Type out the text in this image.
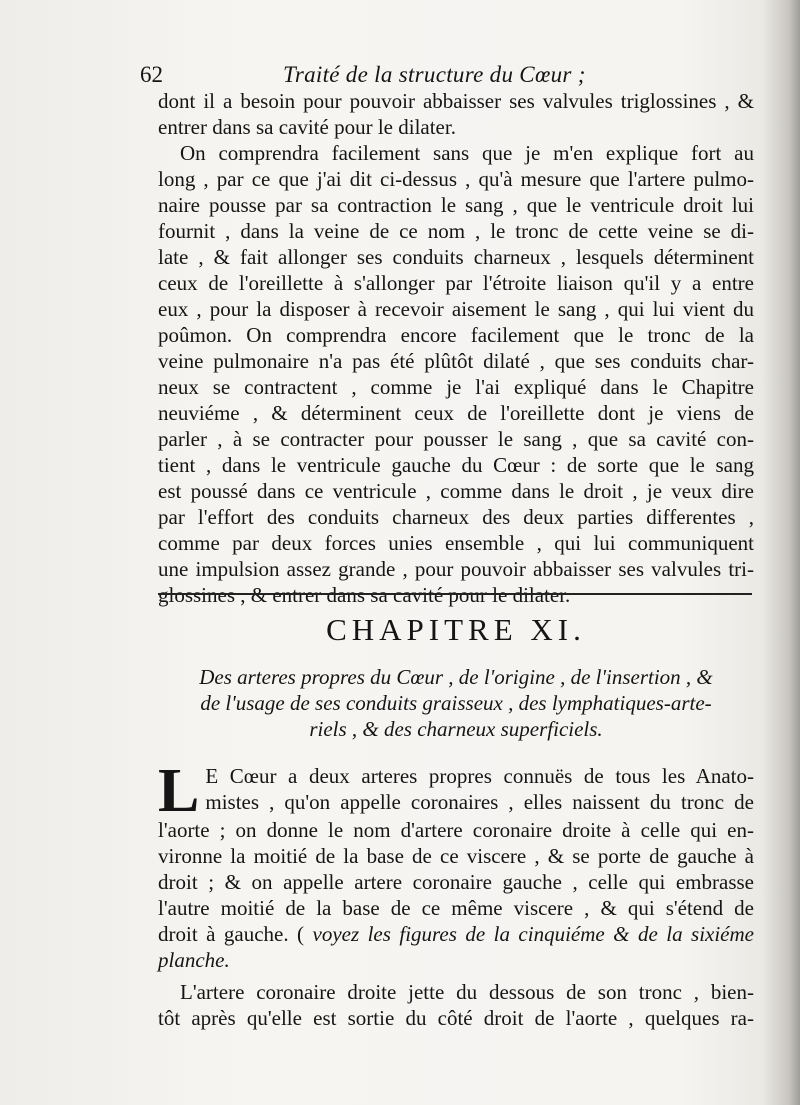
62	Traité de la structure du Cœur ;
dont il a besoin pour pouvoir abbaisser ses valvules triglossines , &
entrer dans sa cavité pour le dilater.
On comprendra facilement sans que je m'en explique fort au
long , par ce que j'ai dit ci-dessus , qu'à mesure que l'artere pulmo-
naire pousse par sa contraction le sang , que le ventricule droit lui
fournit , dans la veine de ce nom , le tronc de cette veine se di-
late , & fait allonger ses conduits charneux , lesquels déterminent
ceux de l'oreillette à s'allonger par l'étroite liaison qu'il y a entre
eux , pour la disposer à recevoir aisement le sang , qui lui vient du
poûmon. On comprendra encore facilement que le tronc de la
veine pulmonaire n'a pas été plûtôt dilaté , que ses conduits char-
neux se contractent , comme je l'ai expliqué dans le Chapitre
neuviéme , & déterminent ceux de l'oreillette dont je viens de
parler , à se contracter pour pousser le sang , que sa cavité con-
tient , dans le ventricule gauche du Cœur : de sorte que le sang
est poussé dans ce ventricule , comme dans le droit , je veux dire
par l'effort des conduits charneux des deux parties differentes ,
comme par deux forces unies ensemble , qui lui communiquent
une impulsion assez grande , pour pouvoir abbaisser ses valvules tri-
glossines , & entrer dans sa cavité pour le dilater.
CHAPITRE XI.
Des arteres propres du Cœur , de l'origine , de l'insertion , &
de l'usage de ses conduits graisseux , des lymphatiques-arte-
riels , & des charneux superficiels.
L E Cœur a deux arteres propres connuës de tous les Anato-
mistes , qu'on appelle coronaires , elles naissent du tronc de
l'aorte ; on donne le nom d'artere coronaire droite à celle qui en-
vironne la moitié de la base de ce viscere , & se porte de gauche à
droit ; & on appelle artere coronaire gauche , celle qui embrasse
l'autre moitié de la base de ce même viscere , & qui s'étend de
droit à gauche. ( voyez les figures de la cinquiéme & de la sixiéme
planche.
L'artere coronaire droite jette du dessous de son tronc , bien-
tôt après qu'elle est sortie du côté droit de l'aorte , quelques ra-
